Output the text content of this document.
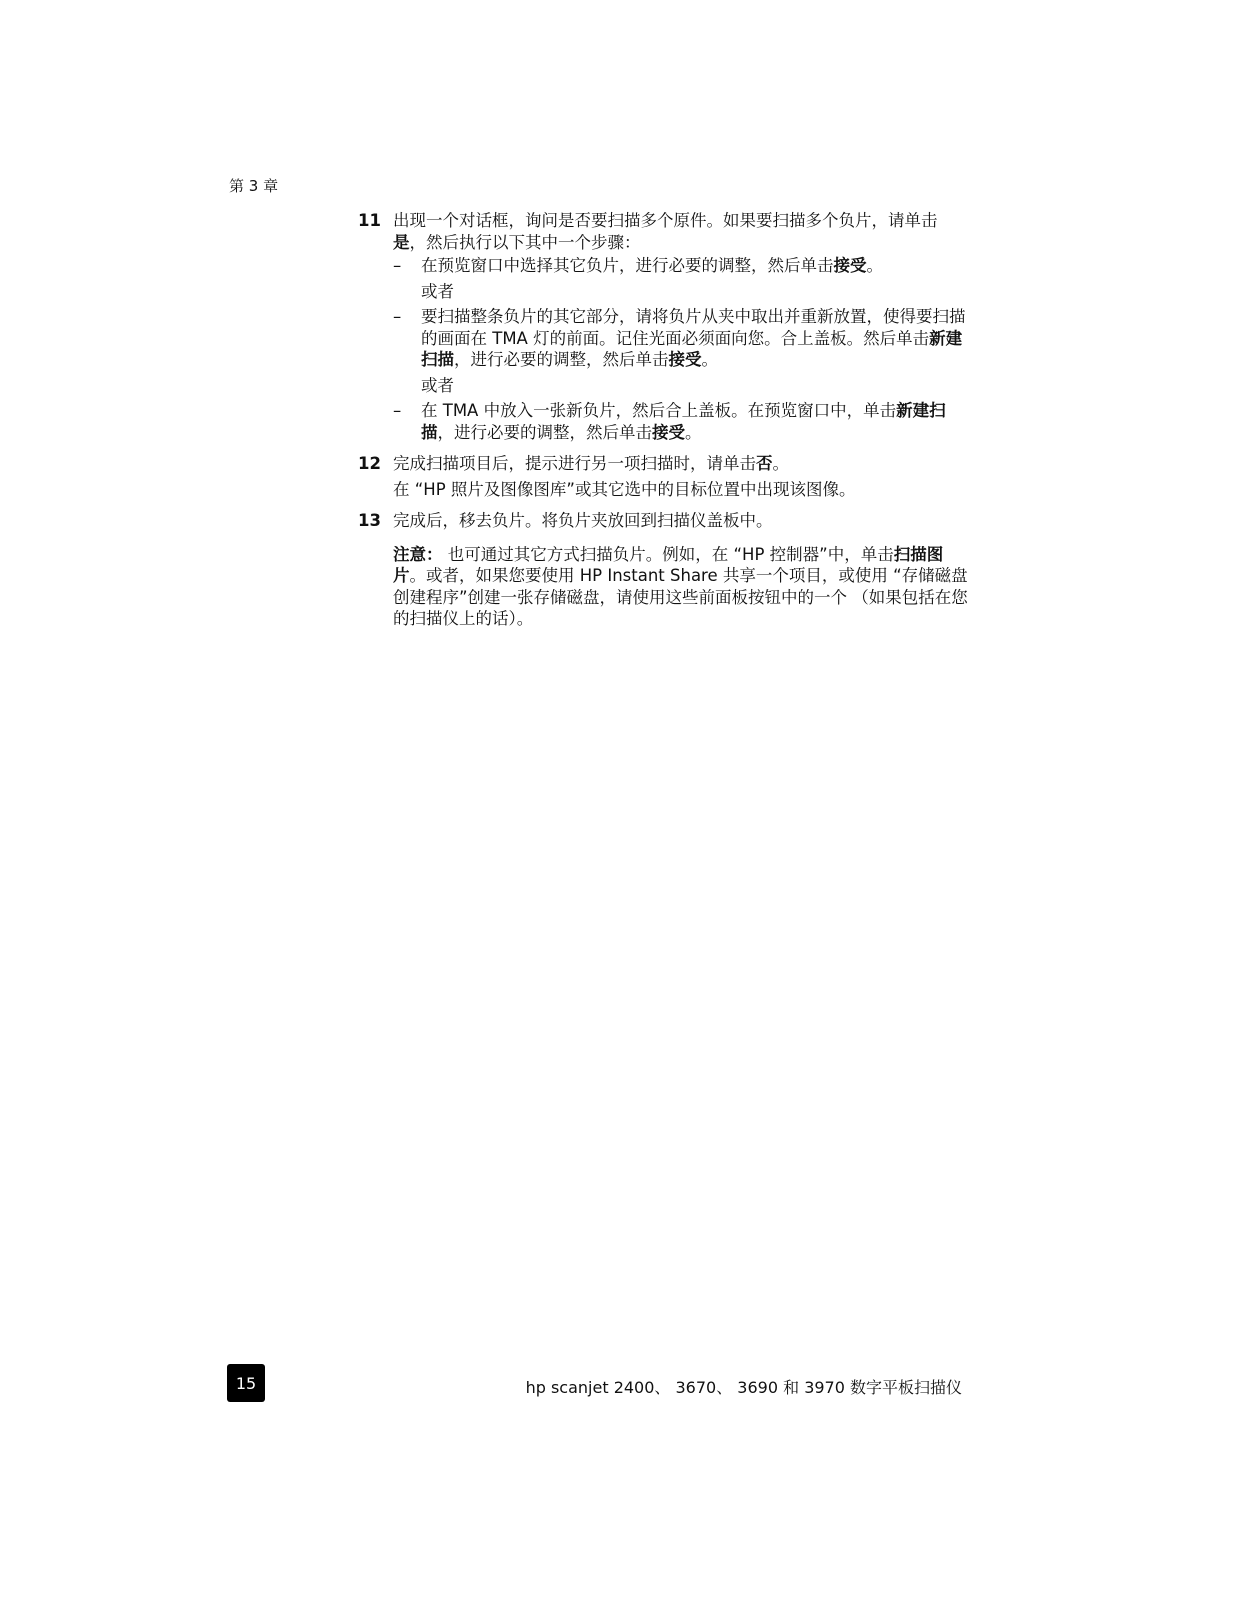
第 3 章
11 出现一个对话框，询问是否要扫描多个原件。如果要扫描多个负片，请单击是，然后执行以下其中一个步骤：
–	在预览窗口中选择其它负片，进行必要的调整，然后单击接受。
或者
–	要扫描整条负片的其它部分，请将负片从夹中取出并重新放置，使得要扫描的画面在 TMA 灯的前面。记住光面必须面向您。合上盖板。然后单击新建扫描，进行必要的调整，然后单击接受。
或者
–	在 TMA 中放入一张新负片，然后合上盖板。在预览窗口中，单击新建扫描，进行必要的调整，然后单击接受。
12 完成扫描项目后，提示进行另一项扫描时，请单击否。
在 “HP 照片及图像图库”或其它选中的目标位置中出现该图像。
13 完成后，移去负片。将负片夹放回到扫描仪盖板中。
注意： 也可通过其它方式扫描负片。例如，在 “HP 控制器”中，单击扫描图片。或者，如果您要使用 HP Instant Share 共享一个项目，或使用 “存储磁盘创建程序”创建一张存储磁盘，请使用这些前面板按钮中的一个 （如果包括在您的扫描仪上的话）。
15	hp scanjet 2400、 3670、 3690 和 3970 数字平板扫描仪
